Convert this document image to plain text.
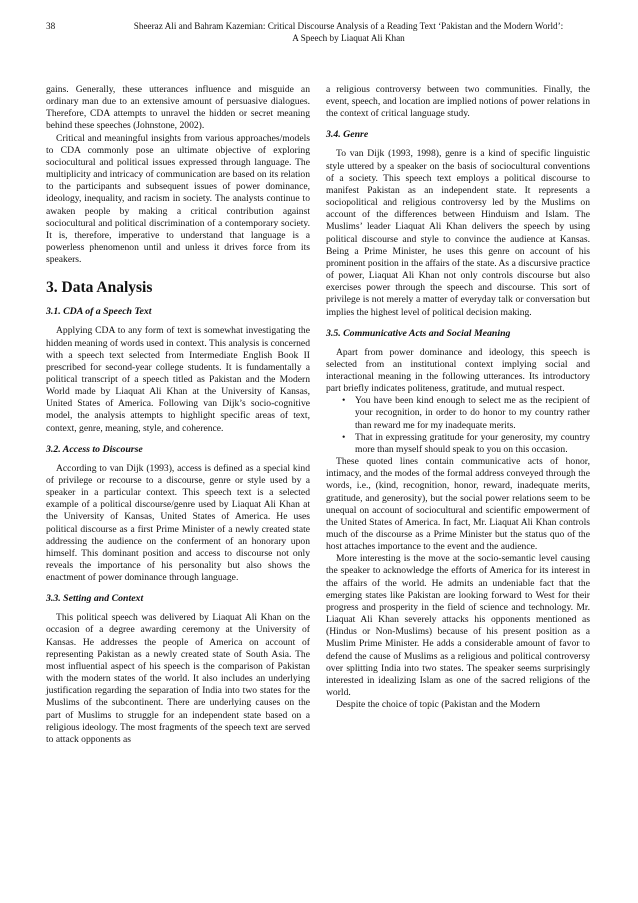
38	Sheeraz Ali and Bahram Kazemian: Critical Discourse Analysis of a Reading Text ‘Pakistan and the Modern World’:
A Speech by Liaquat Ali Khan

gains. Generally, these utterances influence and misguide an ordinary man due to an extensive amount of persuasive dialogues. Therefore, CDA attempts to unravel the hidden or secret meaning behind these speeches (Johnstone, 2002).

Critical and meaningful insights from various approaches/models to CDA commonly pose an ultimate objective of exploring sociocultural and political issues expressed through language. The multiplicity and intricacy of communication are based on its relation to the participants and subsequent issues of power dominance, ideology, inequality, and racism in society. The analysts continue to awaken people by making a critical contribution against sociocultural and political discrimination of a contemporary society. It is, therefore, imperative to understand that language is a powerless phenomenon until and unless it drives force from its speakers.

3. Data Analysis
3.1. CDA of a Speech Text

Applying CDA to any form of text is somewhat investigating the hidden meaning of words used in context. This analysis is concerned with a speech text selected from Intermediate English Book II prescribed for second-year college students. It is fundamentally a political transcript of a speech titled as Pakistan and the Modern World made by Liaquat Ali Khan at the University of Kansas, United States of America. Following van Dijk’s socio-cognitive model, the analysis attempts to highlight specific areas of text, context, genre, meaning, style, and coherence.

3.2. Access to Discourse

According to van Dijk (1993), access is defined as a special kind of privilege or recourse to a discourse, genre or style used by a speaker in a particular context. This speech text is a selected example of a political discourse/genre used by Liaquat Ali Khan at the University of Kansas, United States of America. He uses political discourse as a first Prime Minister of a newly created state addressing the audience on the conferment of an honorary upon himself. This dominant position and access to discourse not only reveals the importance of his personality but also shows the enactment of power dominance through language.

3.3. Setting and Context

This political speech was delivered by Liaquat Ali Khan on the occasion of a degree awarding ceremony at the University of Kansas. He addresses the people of America on account of representing Pakistan as a newly created state of South Asia. The most influential aspect of his speech is the comparison of Pakistan with the modern states of the world. It also includes an underlying justification regarding the separation of India into two states for the Muslims of the subcontinent. There are underlying causes on the part of Muslims to struggle for an independent state based on a religious ideology. The most fragments of the speech text are served to attack opponents as

a religious controversy between two communities. Finally, the event, speech, and location are implied notions of power relations in the context of critical language study.

3.4. Genre

To van Dijk (1993, 1998), genre is a kind of specific linguistic style uttered by a speaker on the basis of sociocultural conventions of a society. This speech text employs a political discourse to manifest Pakistan as an independent state. It represents a sociopolitical and religious controversy led by the Muslims on account of the differences between Hinduism and Islam. The Muslims’ leader Liaquat Ali Khan delivers the speech by using political discourse and style to convince the audience at Kansas. Being a Prime Minister, he uses this genre on account of his prominent position in the affairs of the state. As a discursive practice of power, Liaquat Ali Khan not only controls discourse but also exercises power through the speech and discourse. This sort of privilege is not merely a matter of everyday talk or conversation but implies the highest level of political decision making.

3.5. Communicative Acts and Social Meaning

Apart from power dominance and ideology, this speech is selected from an institutional context implying social and interactional meaning in the following utterances. Its introductory part briefly indicates politeness, gratitude, and mutual respect.

• You have been kind enough to select me as the recipient of your recognition, in order to do honor to my country rather than reward me for my inadequate merits.
• That in expressing gratitude for your generosity, my country more than myself should speak to you on this occasion.

These quoted lines contain communicative acts of honor, intimacy, and the modes of the formal address conveyed through the words, i.e., (kind, recognition, honor, reward, inadequate merits, gratitude, and generosity), but the social power relations seem to be unequal on account of sociocultural and scientific empowerment of the United States of America. In fact, Mr. Liaquat Ali Khan controls much of the discourse as a Prime Minister but the status quo of the host attaches importance to the event and the audience.

More interesting is the move at the socio-semantic level causing the speaker to acknowledge the efforts of America for its interest in the affairs of the world. He admits an undeniable fact that the emerging states like Pakistan are looking forward to West for their progress and prosperity in the field of science and technology. Mr. Liaquat Ali Khan severely attacks his opponents mentioned as (Hindus or Non-Muslims) because of his present position as a Muslim Prime Minister. He adds a considerable amount of favor to defend the cause of Muslims as a religious and political controversy over splitting India into two states. The speaker seems surprisingly interested in idealizing Islam as one of the sacred religions of the world.

Despite the choice of topic (Pakistan and the Modern
